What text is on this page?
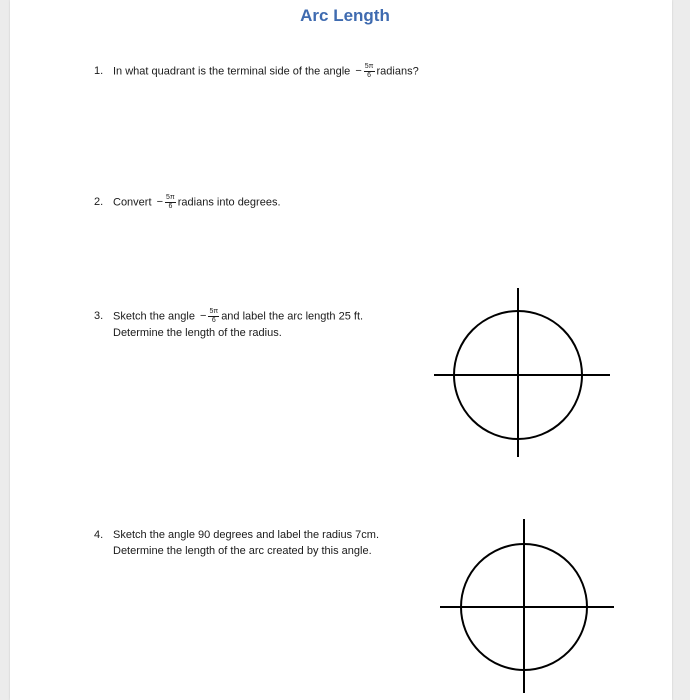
Arc Length
1. In what quadrant is the terminal side of the angle − $\frac{5\pi}{6}$ radians?
2. Convert − $\frac{5\pi}{6}$ radians into degrees.
3. Sketch the angle − $\frac{5\pi}{6}$ and label the arc length 25 ft.
Determine the length of the radius.
4. Sketch the angle 90 degrees and label the radius 7cm.
Determine the length of the arc created by this angle.
